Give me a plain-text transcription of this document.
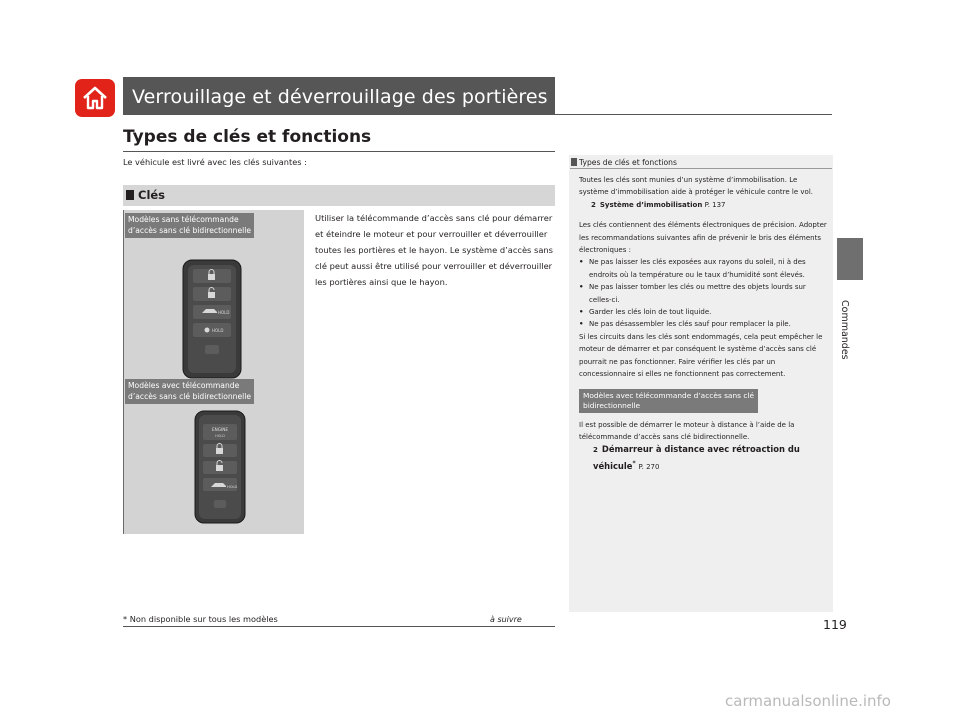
Verrouillage et déverrouillage des portières
Commandes
Types de clés et fonctions
Le véhicule est livré avec les clés suivantes :
Clés
HOLD
HOLD
ENGINE
HOLD
HOLD
Modèles sans télécommande
d’accès sans clé bidirectionnelle
Modèles avec télécommande
d’accès sans clé bidirectionnelle

Utiliser la télécommande d’accès sans clé pour démarrer et éteindre le moteur et pour verrouiller et déverrouiller toutes les portières et le hayon. Le système d’accès sans clé peut aussi être utilisé pour verrouiller et déverrouiller les portières ainsi que le hayon.

Types de clés et fonctions

Toutes les clés sont munies d’un système d’immobilisation. Le système d’immobilisation aide à protéger le véhicule contre le vol.

2 Système d’immobilisation P. 137

Les clés contiennent des éléments électroniques de précision. Adopter les recommandations suivantes afin de prévenir le bris des éléments électroniques :

• Ne pas laisser les clés exposées aux rayons du soleil, ni à des endroits où la température ou le taux d’humidité sont élevés.

• Ne pas laisser tomber les clés ou mettre des objets lourds sur celles-ci.

• Garder les clés loin de tout liquide.

• Ne pas désassembler les clés sauf pour remplacer la pile.

Si les circuits dans les clés sont endommagés, cela peut empêcher le moteur de démarrer et par conséquent le système d’accès sans clé pourrait ne pas fonctionner. Faire vérifier les clés par un concessionnaire si elles ne fonctionnent pas correctement.

Modèles avec télécommande d’accès sans clé
bidirectionnelle

Il est possible de démarrer le moteur à distance à l’aide de la télécommande d’accès sans clé bidirectionnelle.

2 Démarreur à distance avec rétroaction du véhicule* P. 270

* Non disponible sur tous les modèles	à suivre	119
carmanualsonline.info
